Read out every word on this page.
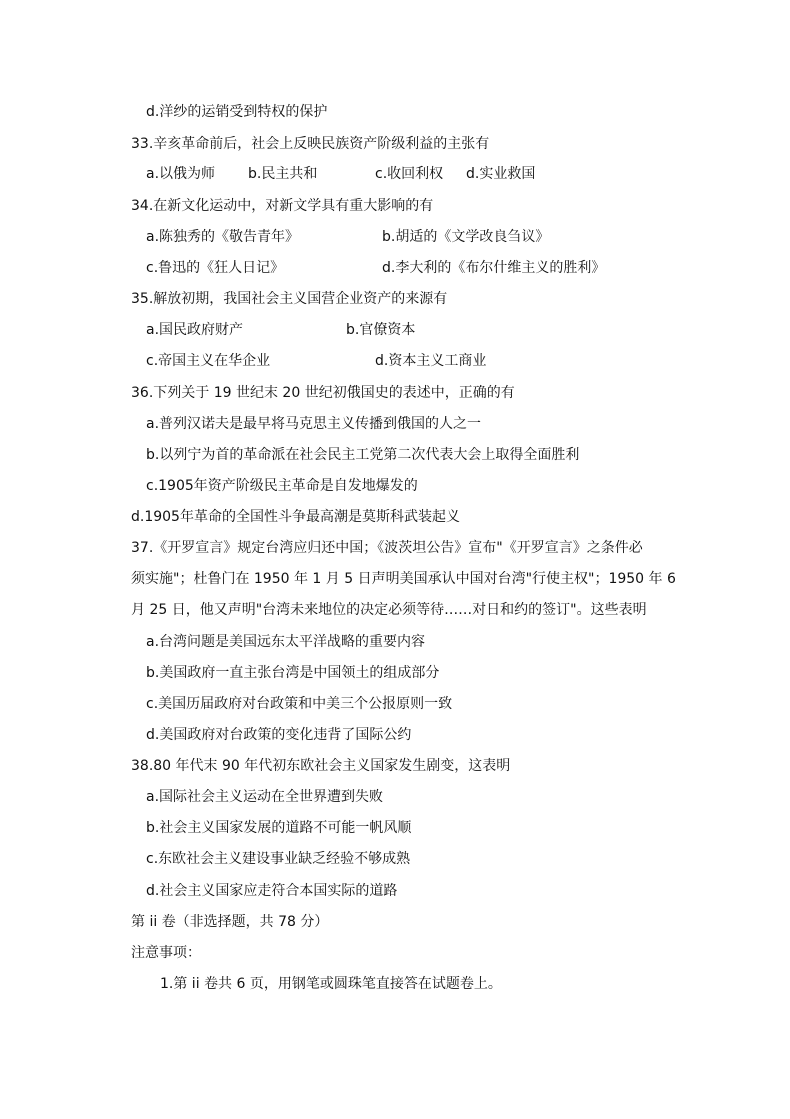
d.洋纱的运销受到特权的保护
33.辛亥革命前后，社会上反映民族资产阶级利益的主张有
a.以俄为师 b.民主共和	c.收回利权 d.实业救国
34.在新文化运动中，对新文学具有重大影响的有
a.陈独秀的《敬告青年》	b.胡适的《文学改良刍议》
c.鲁迅的《狂人日记》	d.李大利的《布尔什维主义的胜利》
35.解放初期，我国社会主义国营企业资产的来源有
a.国民政府财产	b.官僚资本
c.帝国主义在华企业	d.资本主义工商业
36.下列关于 19 世纪末 20 世纪初俄国史的表述中，正确的有
a.普列汉诺夫是最早将马克思主义传播到俄国的人之一
b.以列宁为首的革命派在社会民主工党第二次代表大会上取得全面胜利
c.1905年资产阶级民主革命是自发地爆发的
d.1905年革命的全国性斗争最高潮是莫斯科武装起义
37.《开罗宣言》规定台湾应归还中国；《波茨坦公告》宣布"《开罗宣言》之条件必
须实施"；杜鲁门在 1950 年 1 月 5 日声明美国承认中国对台湾"行使主权"；1950 年 6
月 25 日，他又声明"台湾未来地位的决定必须等待……对日和约的签订"。这些表明
a.台湾问题是美国远东太平洋战略的重要内容
b.美国政府一直主张台湾是中国领土的组成部分
c.美国历届政府对台政策和中美三个公报原则一致
d.美国政府对台政策的变化违背了国际公约
38.80 年代末 90 年代初东欧社会主义国家发生剧变，这表明
a.国际社会主义运动在全世界遭到失败
b.社会主义国家发展的道路不可能一帆风顺
c.东欧社会主义建设事业缺乏经验不够成熟
d.社会主义国家应走符合本国实际的道路
第 ii 卷（非选择题，共 78 分）
注意事项：
1.第 ii 卷共 6 页，用钢笔或圆珠笔直接答在试题卷上。
